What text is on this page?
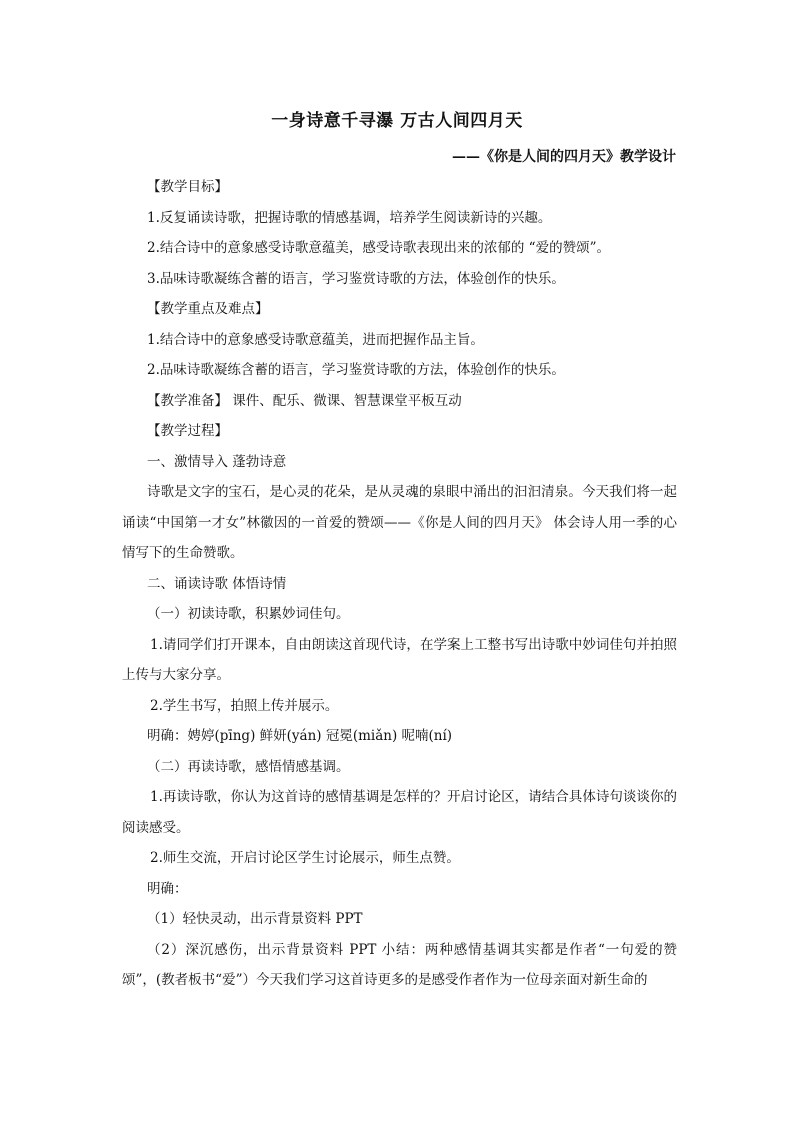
一身诗意千寻瀑 万古人间四月天
——《你是人间的四月天》教学设计

【教学目标】

1.反复诵读诗歌，把握诗歌的情感基调，培养学生阅读新诗的兴趣。

2.结合诗中的意象感受诗歌意蕴美，感受诗歌表现出来的浓郁的 “爱的赞颂”。

3.品味诗歌凝练含蓄的语言，学习鉴赏诗歌的方法，体验创作的快乐。

【教学重点及难点】

1.结合诗中的意象感受诗歌意蕴美，进而把握作品主旨。

2.品味诗歌凝练含蓄的语言，学习鉴赏诗歌的方法，体验创作的快乐。

【教学准备】 课件、配乐、微课、智慧课堂平板互动

【教学过程】

一、激情导入 蓬勃诗意

诗歌是文字的宝石，是心灵的花朵，是从灵魂的泉眼中涌出的汩汩清泉。今天我们将一起诵读“中国第一才女”林徽因的一首爱的赞颂——《你是人间的四月天》 体会诗人用一季的心情写下的生命赞歌。

二、诵读诗歌 体悟诗情

（一）初读诗歌，积累妙词佳句。

1.请同学们打开课本，自由朗读这首现代诗，在学案上工整书写出诗歌中妙词佳句并拍照上传与大家分享。

2.学生书写，拍照上传并展示。

明确：娉婷(pīng) 鲜妍(yán) 冠冕(miǎn) 呢喃(ní)

（二）再读诗歌，感悟情感基调。

1.再读诗歌，你认为这首诗的感情基调是怎样的？开启讨论区，请结合具体诗句谈谈你的 阅读感受。

2.师生交流，开启讨论区学生讨论展示，师生点赞。

明确：

（1）轻快灵动，出示背景资料 PPT

（2）深沉感伤，出示背景资料 PPT 小结：两种感情基调其实都是作者“一句爱的赞颂”，(教者板书“爱”）今天我们学习这首诗更多的是感受作者作为一位母亲面对新生命的
